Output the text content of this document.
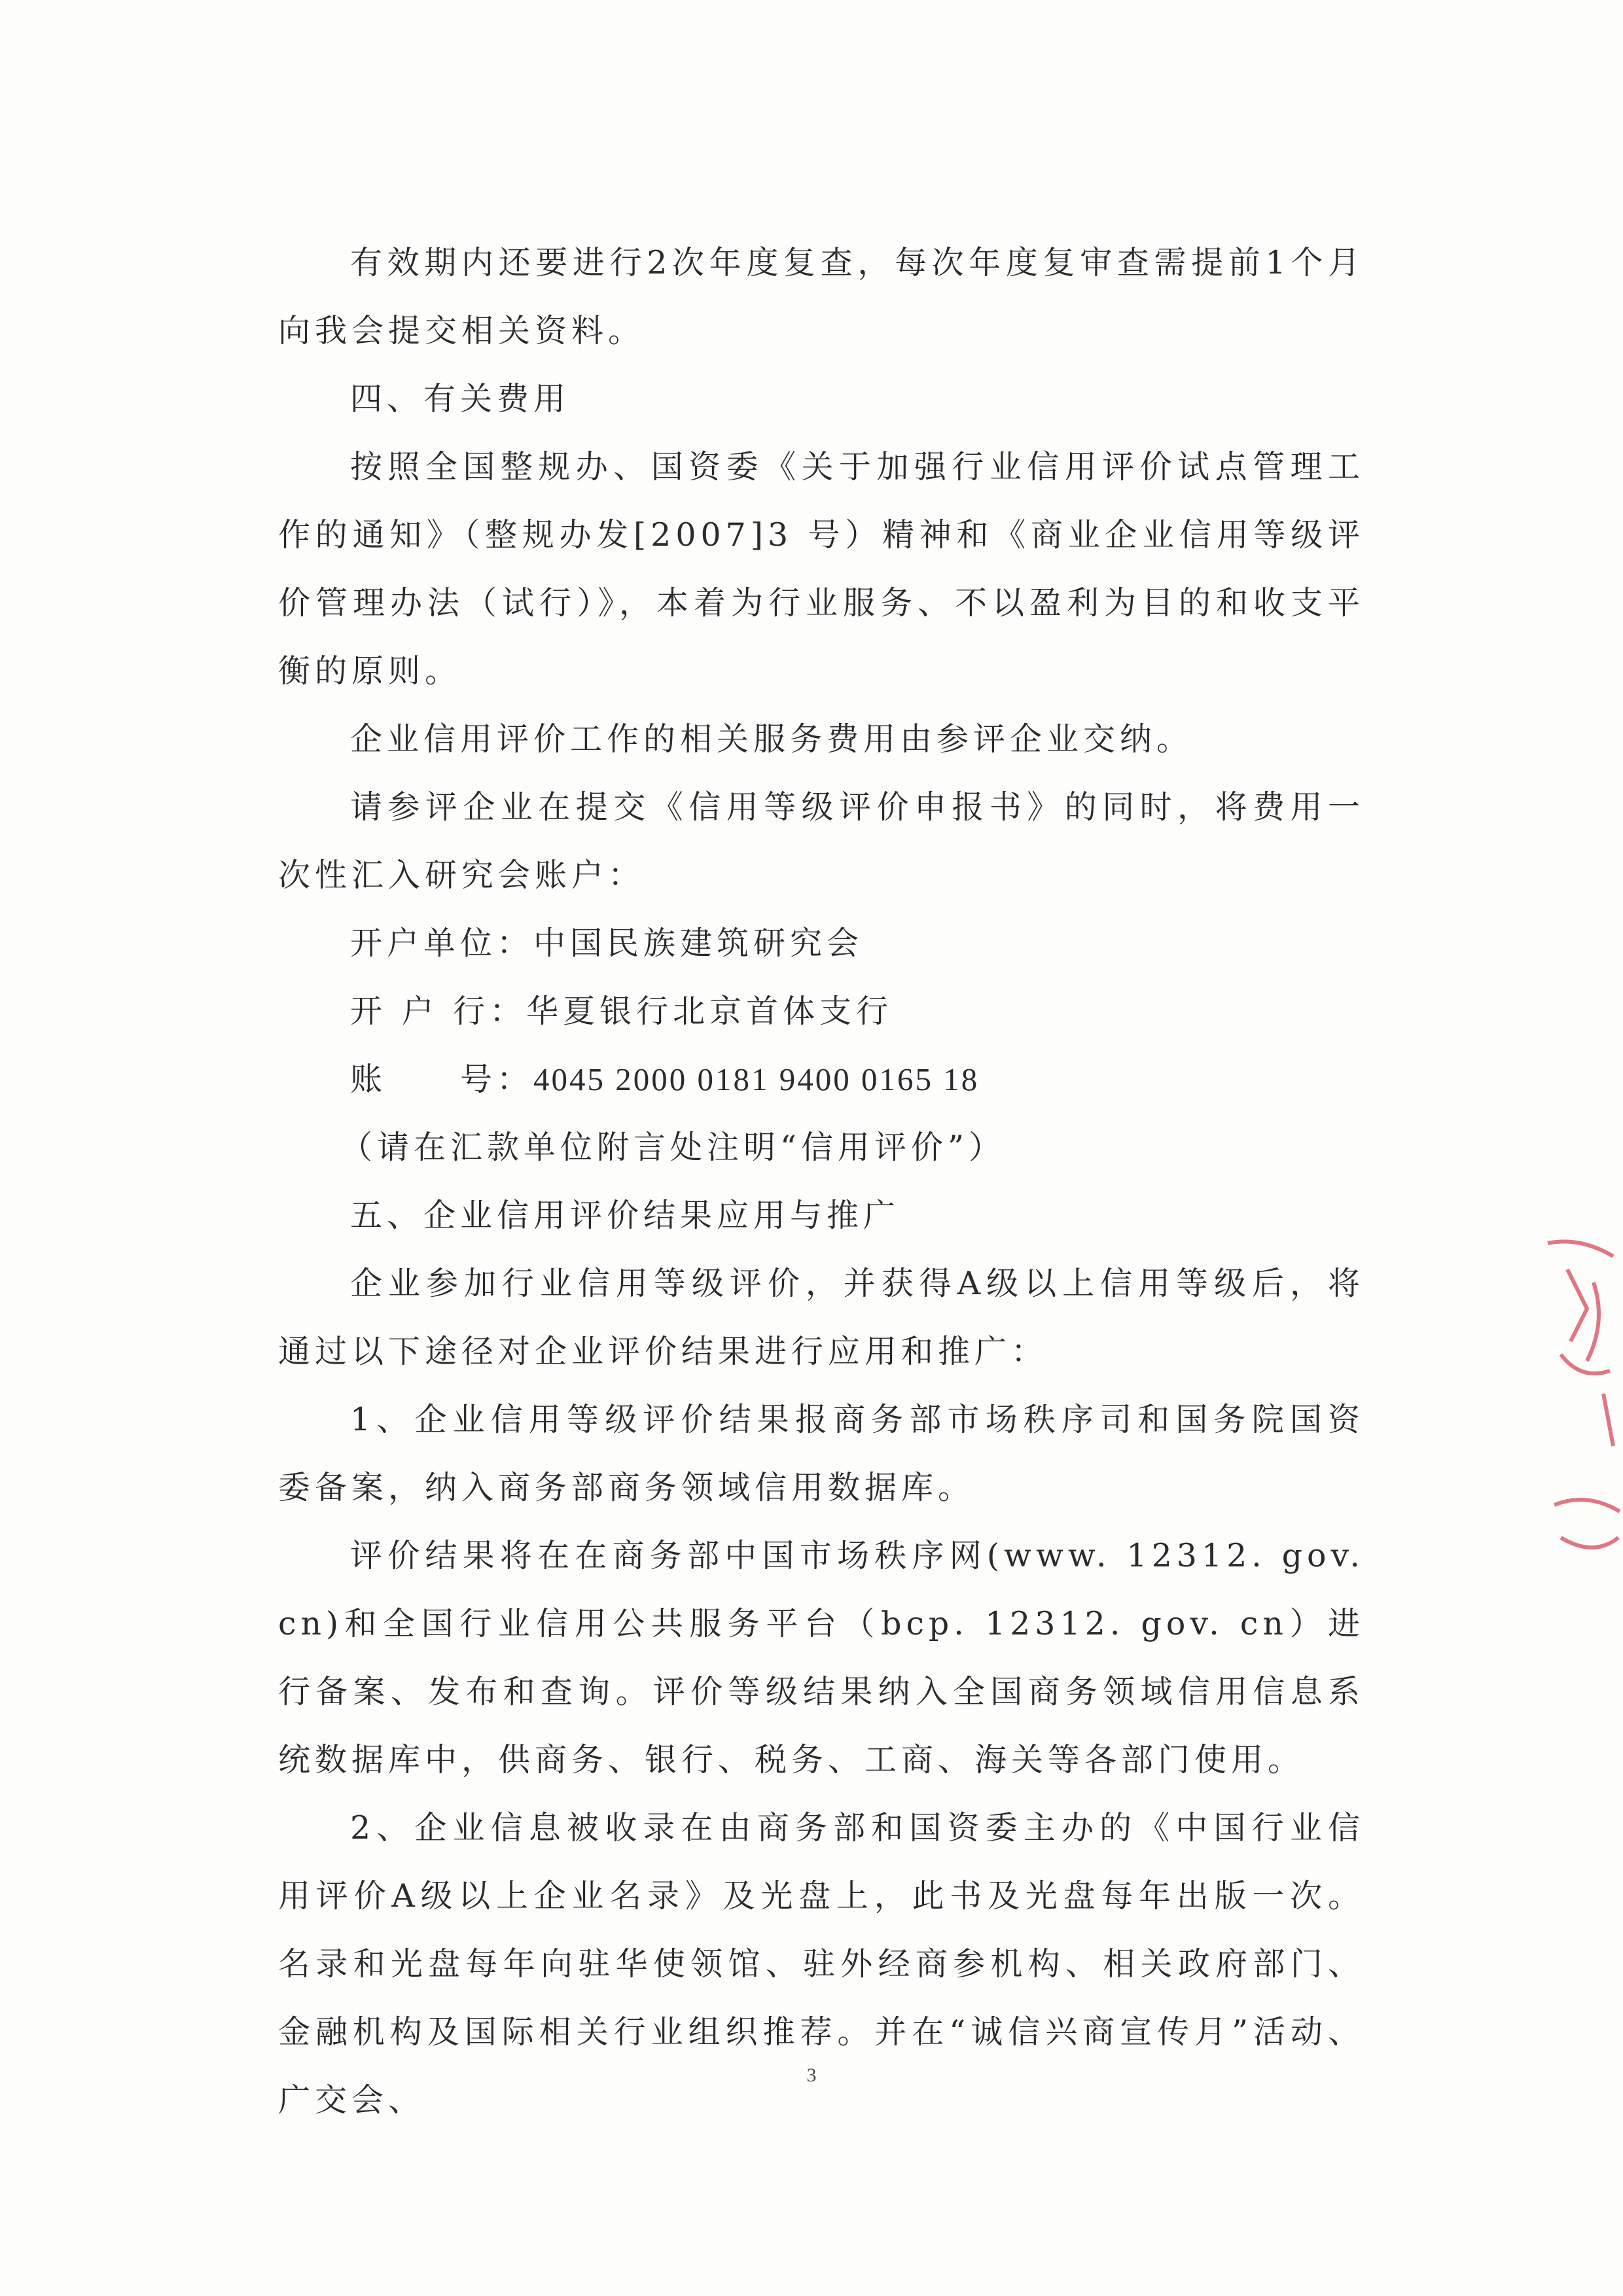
有效期内还要进行2次年度复查，每次年度复审查需提前1个月向我会提交相关资料。

四、有关费用

按照全国整规办、国资委《关于加强行业信用评价试点管理工作的通知》（整规办发[2007]3 号）精神和《商业企业信用等级评价管理办法（试行）》，本着为行业服务、不以盈利为目的和收支平衡的原则。

企业信用评价工作的相关服务费用由参评企业交纳。

请参评企业在提交《信用等级评价申报书》的同时，将费用一次性汇入研究会账户：

开户单位：中国民族建筑研究会

开 户 行：华夏银行北京首体支行

账　　号：4045 2000 0181 9400 0165 18

（请在汇款单位附言处注明“信用评价”）

五、企业信用评价结果应用与推广

企业参加行业信用等级评价，并获得A级以上信用等级后，将通过以下途径对企业评价结果进行应用和推广：

1、企业信用等级评价结果报商务部市场秩序司和国务院国资委备案，纳入商务部商务领域信用数据库。

评价结果将在在商务部中国市场秩序网(www. 12312. gov. cn)和全国行业信用公共服务平台（bcp. 12312. gov. cn）进行备案、发布和查询。评价等级结果纳入全国商务领域信用信息系统数据库中，供商务、银行、税务、工商、海关等各部门使用。

2、企业信息被收录在由商务部和国资委主办的《中国行业信用评价A级以上企业名录》及光盘上，此书及光盘每年出版一次。名录和光盘每年向驻华使领馆、驻外经商参机构、相关政府部门、金融机构及国际相关行业组织推荐。并在“诚信兴商宣传月”活动、广交会、

3
